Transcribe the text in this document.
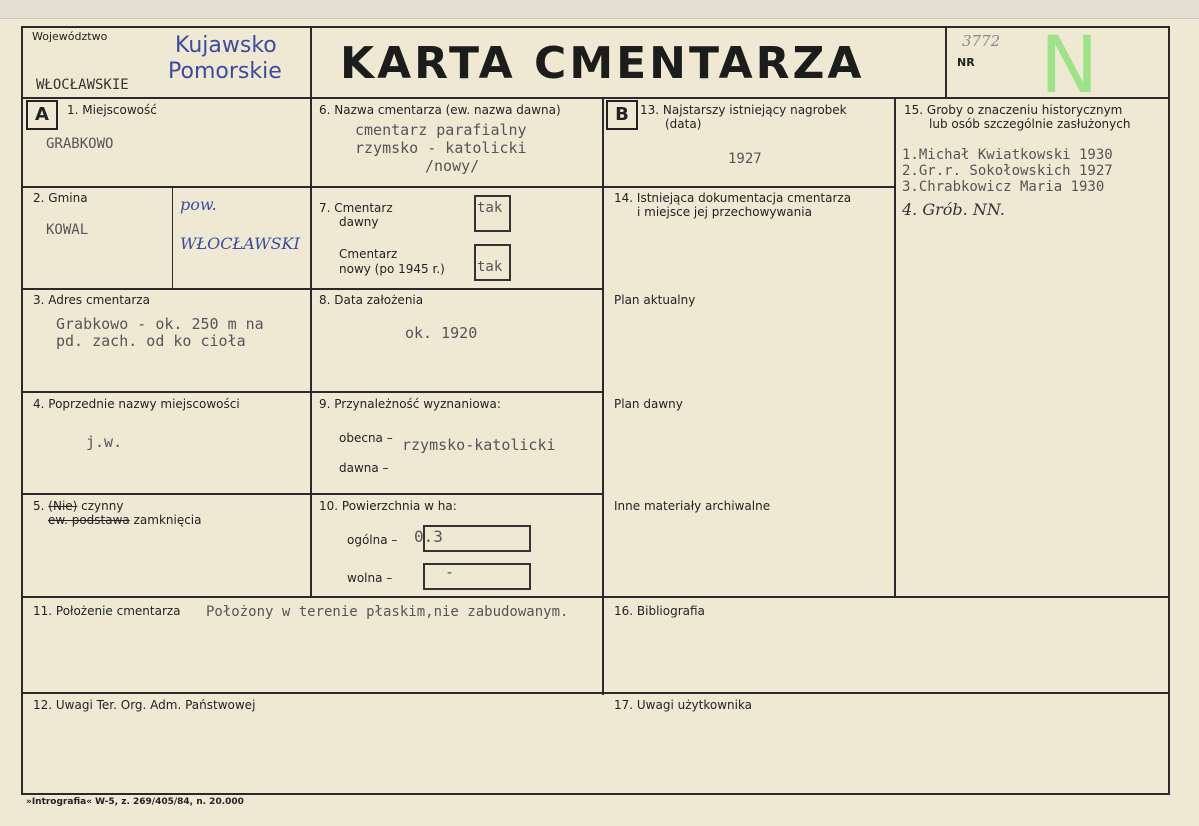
Województwo
WŁOCŁAWSKIE
Kujawsko
Pomorskie KARTA CMENTARZA	NR
3772 N
A	1. Miejscowość
GRABKOWO
2. Gmina
KOWAL
pow.
WŁOCŁAWSKI
3. Adres cmentarza
Grabkowo - ok. 250 m na
pd. zach. od ko cioła
4. Poprzednie nazwy miejscowości
j.w.
5. (Nie) czynny
ew. podstawa zamknięcia
6. Nazwa cmentarza (ew. nazwa dawna)
cmentarz parafialny
rzymsko - katolicki
/nowy/
7. Cmentarz
dawny
tak
Cmentarz
nowy (po 1945 r.) tak
8. Data założenia
ok. 1920
9. Przynależność wyznaniowa:
obecna – rzymsko-katolicki
dawna –
10. Powierzchnia w ha:
ogólna – 0.3
wolna –	-
B 13. Najstarszy istniejący nagrobek
(data)
1927
14. Istniejąca dokumentacja cmentarza
i miejsce jej przechowywania
Plan aktualny
Plan dawny
Inne materiały archiwalne
15. Groby o znaczeniu historycznym
lub osób szczególnie zasłużonych
1.Michał Kwiatkowski 1930
2.Gr.r. Sokołowskich 1927
3.Chrabkowicz Maria 1930
4. Grób. NN.
11. Położenie cmentarza Położony w terenie płaskim,nie zabudowanym.	16. Bibliografia
12. Uwagi Ter. Org. Adm. Państwowej	17. Uwagi użytkownika
»Intrografia« W-5, z. 269/405/84, n. 20.000
